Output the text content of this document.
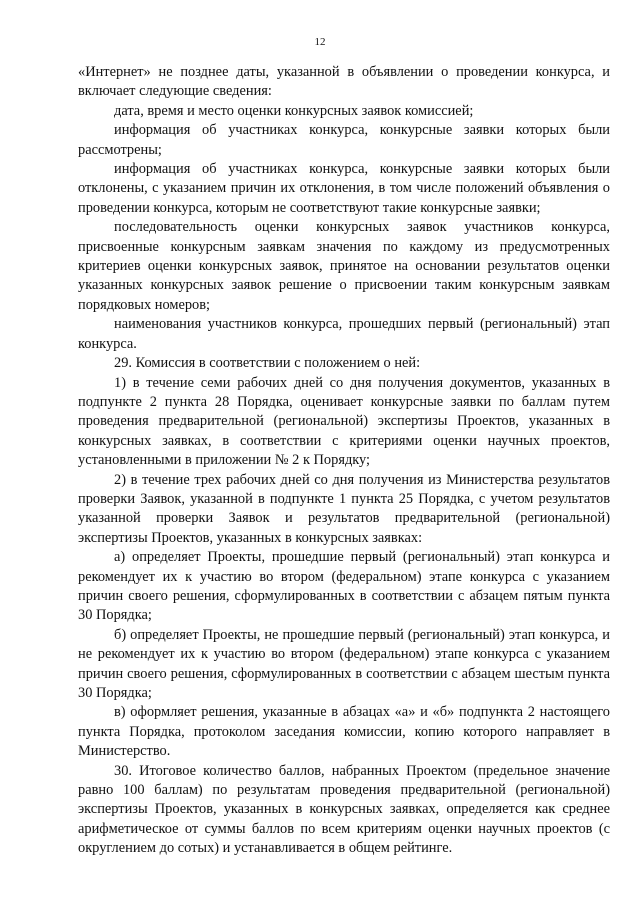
12

«Интернет» не позднее даты, указанной в объявлении о проведении конкурса, и включает следующие сведения:

дата, время и место оценки конкурсных заявок комиссией;

информация об участниках конкурса, конкурсные заявки которых были рассмотрены;

информация об участниках конкурса, конкурсные заявки которых были отклонены, с указанием причин их отклонения, в том числе положений объявления о проведении конкурса, которым не соответствуют такие конкурсные заявки;

последовательность оценки конкурсных заявок участников конкурса, присвоенные конкурсным заявкам значения по каждому из предусмотренных критериев оценки конкурсных заявок, принятое на основании результатов оценки указанных конкурсных заявок решение о присвоении таким конкурсным заявкам порядковых номеров;

наименования участников конкурса, прошедших первый (региональный) этап конкурса.

29. Комиссия в соответствии с положением о ней:

1) в течение семи рабочих дней со дня получения документов, указанных в подпункте 2 пункта 28 Порядка, оценивает конкурсные заявки по баллам путем проведения предварительной (региональной) экспертизы Проектов, указанных в конкурсных заявках, в соответствии с критериями оценки научных проектов, установленными в приложении № 2 к Порядку;

2) в течение трех рабочих дней со дня получения из Министерства результатов проверки Заявок, указанной в подпункте 1 пункта 25 Порядка, с учетом результатов указанной проверки Заявок и результатов предварительной (региональной) экспертизы Проектов, указанных в конкурсных заявках:

а) определяет Проекты, прошедшие первый (региональный) этап конкурса и рекомендует их к участию во втором (федеральном) этапе конкурса с указанием причин своего решения, сформулированных в соответствии с абзацем пятым пункта 30 Порядка;

б) определяет Проекты, не прошедшие первый (региональный) этап конкурса, и не рекомендует их к участию во втором (федеральном) этапе конкурса с указанием причин своего решения, сформулированных в соответствии с абзацем шестым пункта 30 Порядка;

в) оформляет решения, указанные в абзацах «а» и «б» подпункта 2 настоящего пункта Порядка, протоколом заседания комиссии, копию которого направляет в Министерство.

30. Итоговое количество баллов, набранных Проектом (предельное значение равно 100 баллам) по результатам проведения предварительной (региональной) экспертизы Проектов, указанных в конкурсных заявках, определяется как среднее арифметическое от суммы баллов по всем критериям оценки научных проектов (с округлением до сотых) и устанавливается в общем рейтинге.
